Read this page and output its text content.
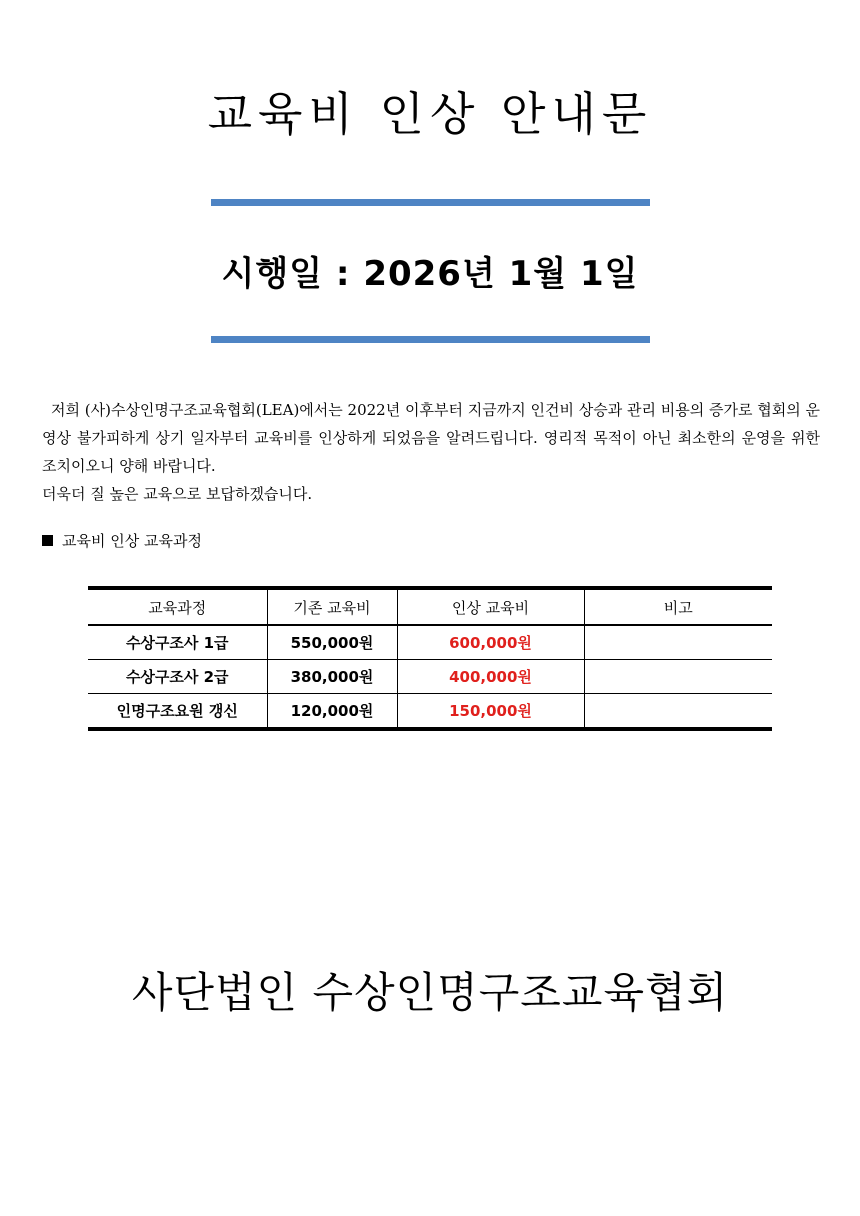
교육비 인상 안내문
시행일 : 2026년 1월 1일

저희 (사)수상인명구조교육협회(LEA)에서는 2022년 이후부터 지금까지 인건비 상승과 관리 비용의 증가로 협회의 운영상 불가피하게 상기 일자부터 교육비를 인상하게 되었음을 알려드립니다. 영리적 목적이 아닌 최소한의 운영을 위한 조치이오니 양해 바랍니다.

더욱더 질 높은 교육으로 보답하겠습니다.

교육비 인상 교육과정
교육과정	기존 교육비	인상 교육비	비고
수상구조사 1급	550,000원	600,000원	
수상구조사 2급	380,000원	400,000원	
인명구조요원 갱신	120,000원	150,000원	
사단법인 수상인명구조교육협회
